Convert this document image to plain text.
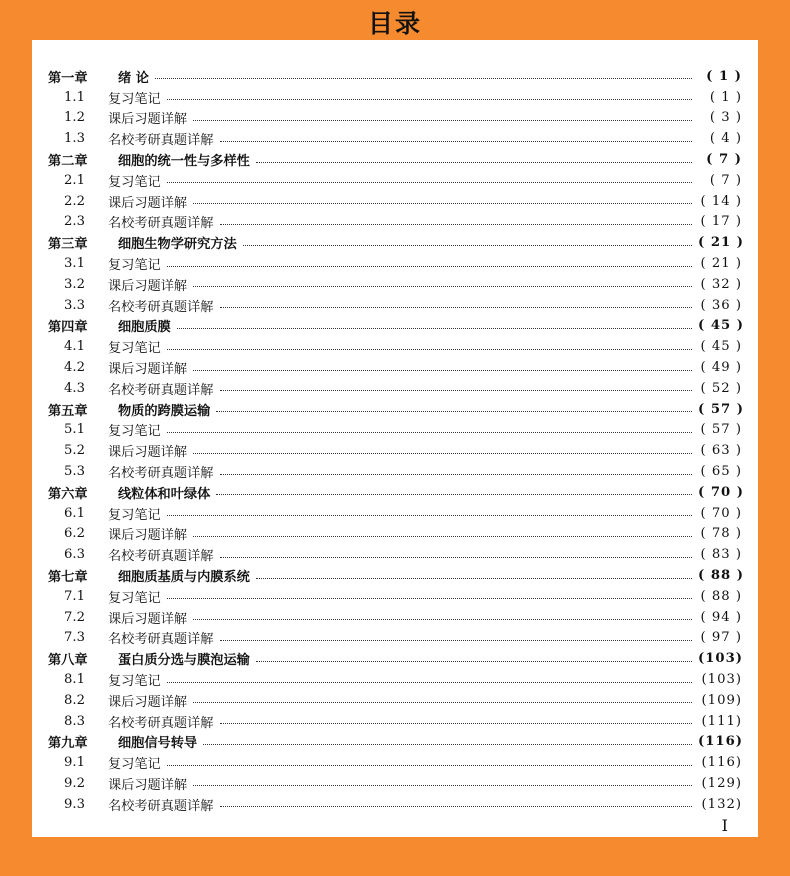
目录
第一章	绪 论	( 1 )
1.1	复习笔记	( 1 )
1.2	课后习题详解	( 3 )
1.3	名校考研真题详解	( 4 )
第二章	细胞的统一性与多样性	( 7 )
2.1	复习笔记	( 7 )
2.2	课后习题详解	( 14 )
2.3	名校考研真题详解	( 17 )
第三章	细胞生物学研究方法	( 21 )
3.1	复习笔记	( 21 )
3.2	课后习题详解	( 32 )
3.3	名校考研真题详解	( 36 )
第四章	细胞质膜	( 45 )
4.1	复习笔记	( 45 )
4.2	课后习题详解	( 49 )
4.3	名校考研真题详解	( 52 )
第五章	物质的跨膜运输	( 57 )
5.1	复习笔记	( 57 )
5.2	课后习题详解	( 63 )
5.3	名校考研真题详解	( 65 )
第六章	线粒体和叶绿体	( 70 )
6.1	复习笔记	( 70 )
6.2	课后习题详解	( 78 )
6.3	名校考研真题详解	( 83 )
第七章	细胞质基质与内膜系统	( 88 )
7.1	复习笔记	( 88 )
7.2	课后习题详解	( 94 )
7.3	名校考研真题详解	( 97 )
第八章	蛋白质分选与膜泡运输	(103)
8.1	复习笔记	(103)
8.2	课后习题详解	(109)
8.3	名校考研真题详解	(111)
第九章	细胞信号转导	(116)
9.1	复习笔记	(116)
9.2	课后习题详解	(129)
9.3	名校考研真题详解	(132)
I
